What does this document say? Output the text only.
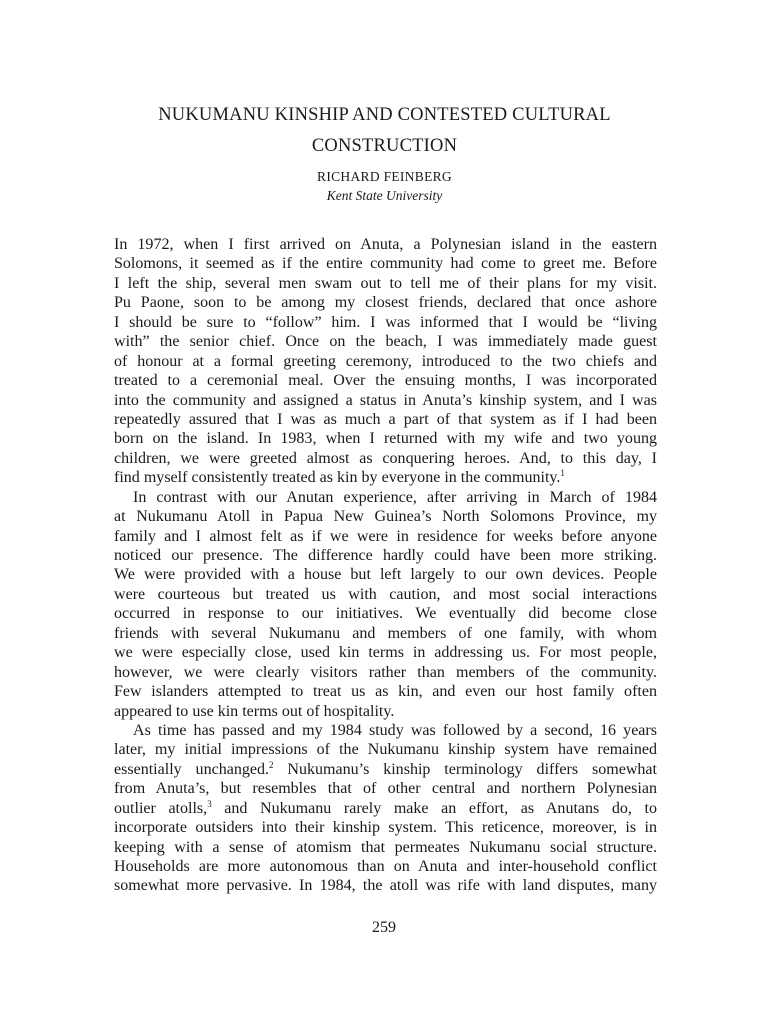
NUKUMANU KINSHIP AND CONTESTED CULTURAL
CONSTRUCTION
RICHARD FEINBERG
Kent State University
In 1972, when I first arrived on Anuta, a Polynesian island in the eastern
Solomons, it seemed as if the entire community had come to greet me. Before
I left the ship, several men swam out to tell me of their plans for my visit.
Pu Paone, soon to be among my closest friends, declared that once ashore
I should be sure to “follow” him. I was informed that I would be “living
with” the senior chief. Once on the beach, I was immediately made guest
of honour at a formal greeting ceremony, introduced to the two chiefs and
treated to a ceremonial meal. Over the ensuing months, I was incorporated
into the community and assigned a status in Anuta’s kinship system, and I was
repeatedly assured that I was as much a part of that system as if I had been
born on the island. In 1983, when I returned with my wife and two young
children, we were greeted almost as conquering heroes. And, to this day, I
find myself consistently treated as kin by everyone in the community.$^1$
In contrast with our Anutan experience, after arriving in March of 1984
at Nukumanu Atoll in Papua New Guinea’s North Solomons Province, my
family and I almost felt as if we were in residence for weeks before anyone
noticed our presence. The difference hardly could have been more striking.
We were provided with a house but left largely to our own devices. People
were courteous but treated us with caution, and most social interactions
occurred in response to our initiatives. We eventually did become close
friends with several Nukumanu and members of one family, with whom
we were especially close, used kin terms in addressing us. For most people,
however, we were clearly visitors rather than members of the community.
Few islanders attempted to treat us as kin, and even our host family often
appeared to use kin terms out of hospitality.
As time has passed and my 1984 study was followed by a second, 16 years
later, my initial impressions of the Nukumanu kinship system have remained
essentially unchanged.$^2$ Nukumanu’s kinship terminology differs somewhat
from Anuta’s, but resembles that of other central and northern Polynesian
outlier atolls,$^3$ and Nukumanu rarely make an effort, as Anutans do, to
incorporate outsiders into their kinship system. This reticence, moreover, is in
keeping with a sense of atomism that permeates Nukumanu social structure.
Households are more autonomous than on Anuta and inter-household conflict
somewhat more pervasive. In 1984, the atoll was rife with land disputes, many
259
